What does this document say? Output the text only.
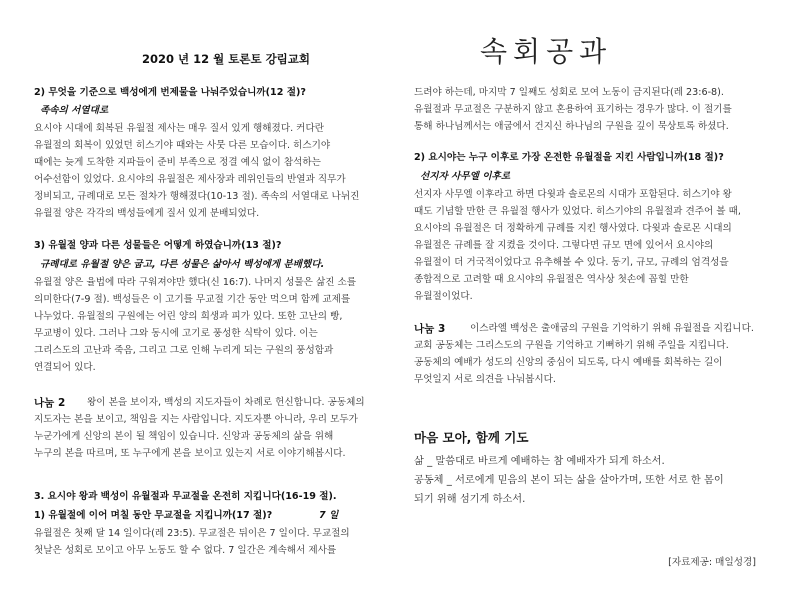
2020 년 12 월 토론토 강림교회
2) 무엇을 기준으로 백성에게 번제물을 나눠주었습니까(12 절)?
족속의 서열대로
요시야 시대에 회복된 유월절 제사는 매우 질서 있게 행해졌다. 커다란
유월절의 회복이 있었던 히스기야 때와는 사뭇 다른 모습이다. 히스기야
때에는 늦게 도착한 지파들이 준비 부족으로 정결 예식 없이 참석하는
어수선함이 있었다. 요시야의 유월절은 제사장과 레위인들의 반열과 직무가
정비되고, 규례대로 모든 절차가 행해졌다(10-13 절). 족속의 서열대로 나뉘진
유월절 양은 각각의 백성들에게 질서 있게 분배되었다.
3) 유월절 양과 다른 성물들은 어떻게 하였습니까(13 절)?
규례대로 유월절 양은 굽고, 다른 성물은 삶아서 백성에게 분배했다.
유월절 양은 율법에 따라 구워져야만 했다(신 16:7). 나머지 성물은 삶진 소를
의미한다(7-9 절). 백성들은 이 고기를 무교절 기간 동안 먹으며 함께 교제를
나누었다. 유월절의 구원에는 어린 양의 희생과 피가 있다. 또한 고난의 빵,
무교병이 있다. 그러나 그와 동시에 고기로 풍성한 식탁이 있다. 이는
그리스도의 고난과 죽음, 그리고 그로 인해 누리게 되는 구원의 풍성함과
연결되어 있다.
나눔 2 왕이 본을 보이자, 백성의 지도자들이 차례로 헌신합니다. 공동체의
지도자는 본을 보이고, 책임을 지는 사람입니다. 지도자뿐 아니라, 우리 모두가
누군가에게 신앙의 본이 될 책임이 있습니다. 신앙과 공동체의 삶을 위해
누구의 본을 따르며, 또 누구에게 본을 보이고 있는지 서로 이야기해봅시다.
3. 요시야 왕과 백성이 유월절과 무교절을 온전히 지킵니다(16-19 절).
1) 유월절에 이어 며칠 동안 무교절을 지킵니까(17 절)?	7 일
유월절은 첫째 달 14 일이다(레 23:5). 무교절은 뒤이은 7 일이다. 무교절의
첫날은 성회로 모이고 아무 노동도 할 수 없다. 7 일간은 계속해서 제사를
속회공과
드려야 하는데, 마지막 7 일째도 성회로 모여 노동이 금지된다(레 23:6-8).
유월절과 무교절은 구분하지 않고 혼용하여 표기하는 경우가 많다. 이 절기를
통해 하나님께서는 애굽에서 건지신 하나님의 구원을 깊이 묵상토록 하셨다.
2) 요시야는 누구 이후로 가장 온전한 유월절을 지킨 사람입니까(18 절)?
선지자 사무엘 이후로
선지자 사무엘 이후라고 하면 다윗과 솔로몬의 시대가 포함된다. 히스기야 왕
때도 기념할 만한 큰 유월절 행사가 있었다. 히스기야의 유월절과 견주어 볼 때,
요시야의 유월절은 더 정확하게 규례를 지킨 행사였다. 다윗과 솔로몬 시대의
유월절은 규례를 잘 지켰을 것이다. 그렇다면 규모 면에 있어서 요시야의
유월절이 더 거국적이었다고 유추해볼 수 있다. 동기, 규모, 규례의 엄격성을
종합적으로 고려할 때 요시야의 유월절은 역사상 첫손에 꼽힐 만한
유월절이었다.
나눔 3	이스라엘 백성은 출애굽의 구원을 기억하기 위해 유월절을 지킵니다.
교회 공동체는 그리스도의 구원을 기억하고 기뻐하기 위해 주일을 지킵니다.
공동체의 예배가 성도의 신앙의 중심이 되도록, 다시 예배를 회복하는 길이
무엇일지 서로 의견을 나눠봅시다.
마음 모아, 함께 기도
삶 _ 말씀대로 바르게 예배하는 참 예배자가 되게 하소서.
공동체 _ 서로에게 믿음의 본이 되는 삶을 살아가며, 또한 서로 한 몸이
되기 위해 섬기게 하소서.
[자료제공: 매일성경]
